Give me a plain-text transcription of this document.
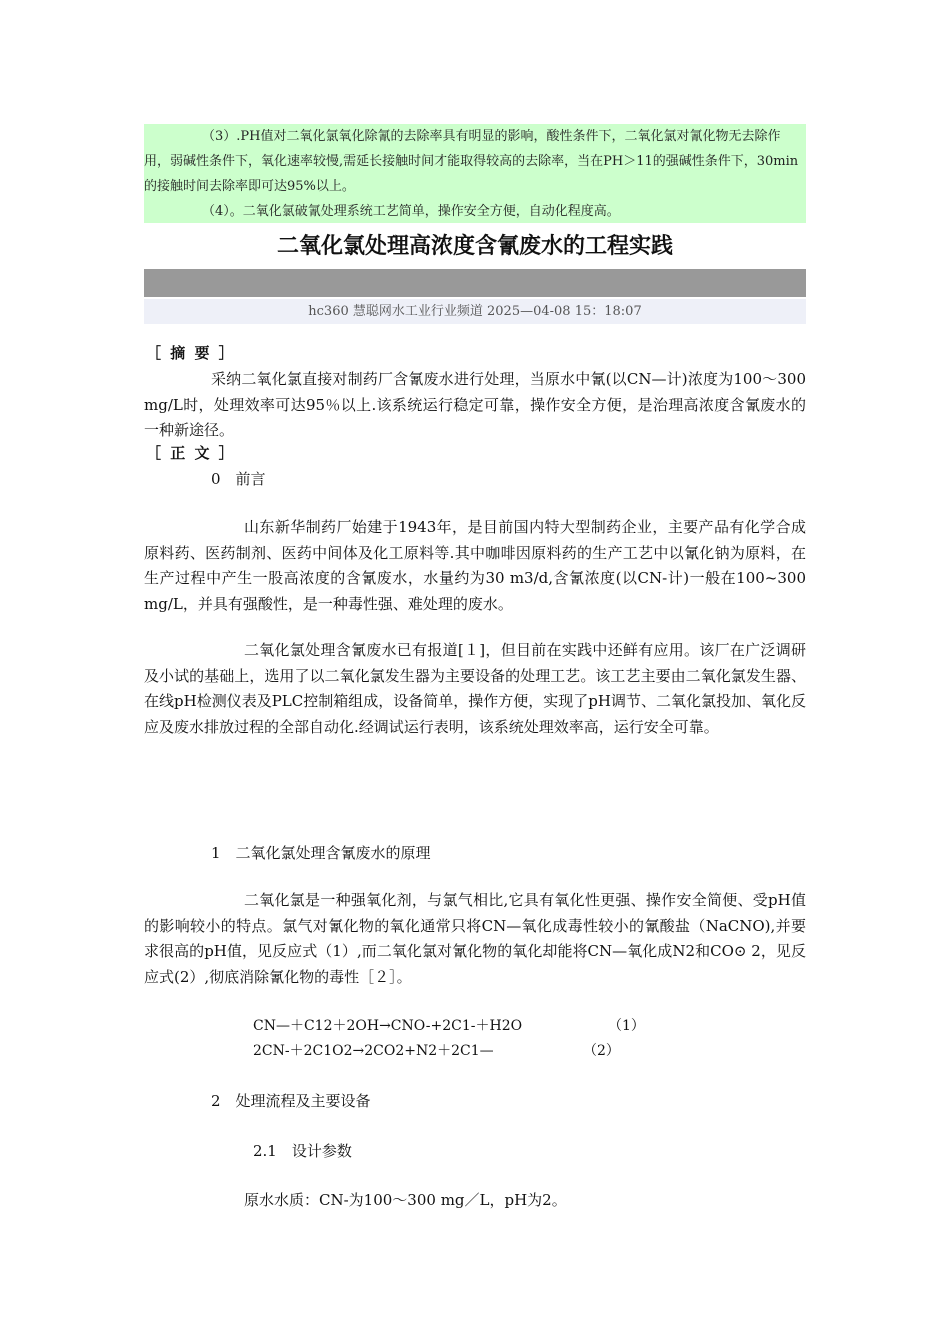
（3）.PH值对二氧化氯氧化除氰的去除率具有明显的影响，酸性条件下，二氧化氯对氰化物无去除作用，弱碱性条件下，氧化速率较慢,需延长接触时间才能取得较高的去除率，当在PH＞11的强碱性条件下，30min的接触时间去除率即可达95%以上。

（4）。二氧化氯破氰处理系统工艺简单，操作安全方便，自动化程度高。

二氧化氯处理高浓度含氰废水的工程实践
hc360 慧聪网水工业行业频道 2025—04-08 15：18:07
［ 摘 要 ］

采纳二氧化氯直接对制药厂含氰废水进行处理，当原水中氰(以CN—计)浓度为100～300 mg/L时，处理效率可达95％以上.该系统运行稳定可靠，操作安全方便，是治理高浓度含氰废水的一种新途径。

［ 正 文 ］
0　前言

山东新华制药厂始建于1943年，是目前国内特大型制药企业，主要产品有化学合成原料药、医药制剂、医药中间体及化工原料等.其中咖啡因原料药的生产工艺中以氰化钠为原料，在生产过程中产生一股高浓度的含氰废水，水量约为30 m3/d,含氰浓度(以CN-计)一般在100~300 mg/L，并具有强酸性，是一种毒性强、难处理的废水。

二氧化氯处理含氰废水已有报道[１]，但目前在实践中还鲜有应用。该厂在广泛调研及小试的基础上，选用了以二氧化氯发生器为主要设备的处理工艺。该工艺主要由二氧化氯发生器、在线pH检测仪表及PLC控制箱组成，设备简单，操作方便，实现了pH调节、二氧化氯投加、氧化反应及废水排放过程的全部自动化.经调试运行表明，该系统处理效率高，运行安全可靠。

1　二氧化氯处理含氰废水的原理

二氧化氯是一种强氧化剂，与氯气相比,它具有氧化性更强、操作安全简便、受pH值的影响较小的特点。氯气对氰化物的氧化通常只将CN—氧化成毒性较小的氰酸盐（NaCNO),并要求很高的pH值，见反应式（1）,而二氧化氯对氰化物的氧化却能将CN—氧化成N2和CO⊙ 2，见反应式(2）,彻底消除氰化物的毒性［２］。

CN—＋C12＋2OH→CNO-+2C1-＋H2O	（1）
2CN-＋2C1O2→2CO2+N2＋2C1—	（2）
2　处理流程及主要设备
2.1　设计参数
原水水质：CN-为100～300 mg／L，pH为2。
